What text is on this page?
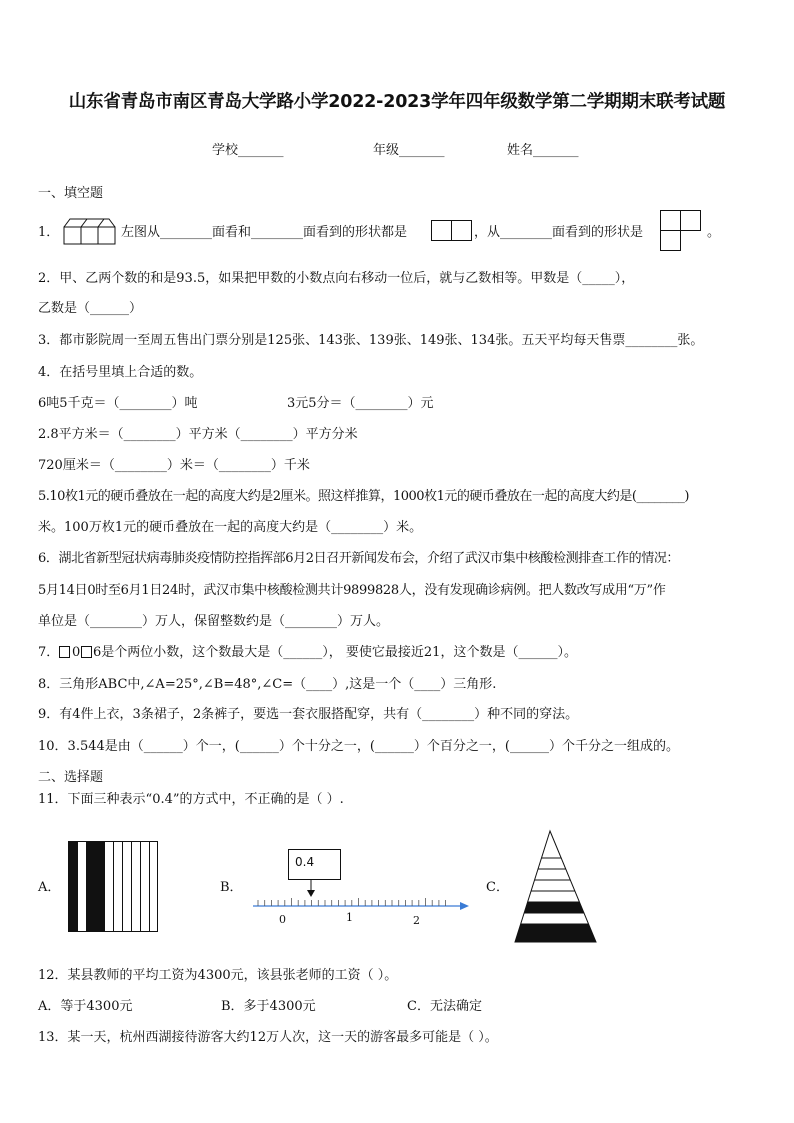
山东省青岛市南区青岛大学路小学2022-2023学年四年级数学第二学期期末联考试题
学校_______	年级_______	姓名_______
一、填空题
1．	左图从________面看和________面看到的形状都是	，从________面看到的形状是	。
2．甲、乙两个数的和是93.5，如果把甲数的小数点向右移动一位后，就与乙数相等。甲数是（_____），
乙数是（______）
3．都市影院周一至周五售出门票分别是125张、143张、139张、149张、134张。五天平均每天售票________张。
4．在括号里填上合适的数。
6吨5千克＝（________）吨	3元5分＝（________）元
2.8平方米＝（________）平方米（________）平方分米
720厘米＝（________）米＝（________）千米
5.10枚1元的硬币叠放在一起的高度大约是2厘米。照这样推算，1000枚1元的硬币叠放在一起的高度大约是(________)
米。100万枚1元的硬币叠放在一起的高度大约是（________）米。
6．湖北省新型冠状病毒肺炎疫情防控指挥部6月2日召开新闻发布会，介绍了武汉市集中核酸检测排查工作的情况：
5月14日0时至6月1日24时，武汉市集中核酸检测共计9899828人，没有发现确诊病例。把人数改写成用“万”作
单位是（________）万人，保留整数约是（________）万人。
7． 0 6是个两位小数，这个数最大是（______）， 要使它最接近21，这个数是（______）。
8．三角形ABC中,∠A=25°,∠B=48°,∠C=（____）,这是一个（____）三角形.
9．有4件上衣，3条裙子，2条裤子，要选一套衣服搭配穿，共有（________）种不同的穿法。
10．3.544是由（______）个一，(______）个十分之一，(______）个百分之一，(______）个千分之一组成的。
二、选择题
11．下面三种表示“0.4”的方式中，不正确的是（ ）.
A．	B．
0.4
0	1	2
C．
12．某县教师的平均工资为4300元，该县张老师的工资（ ）。
A．等于4300元	B．多于4300元	C．无法确定
13．某一天，杭州西湖接待游客大约12万人次，这一天的游客最多可能是（ ）。
